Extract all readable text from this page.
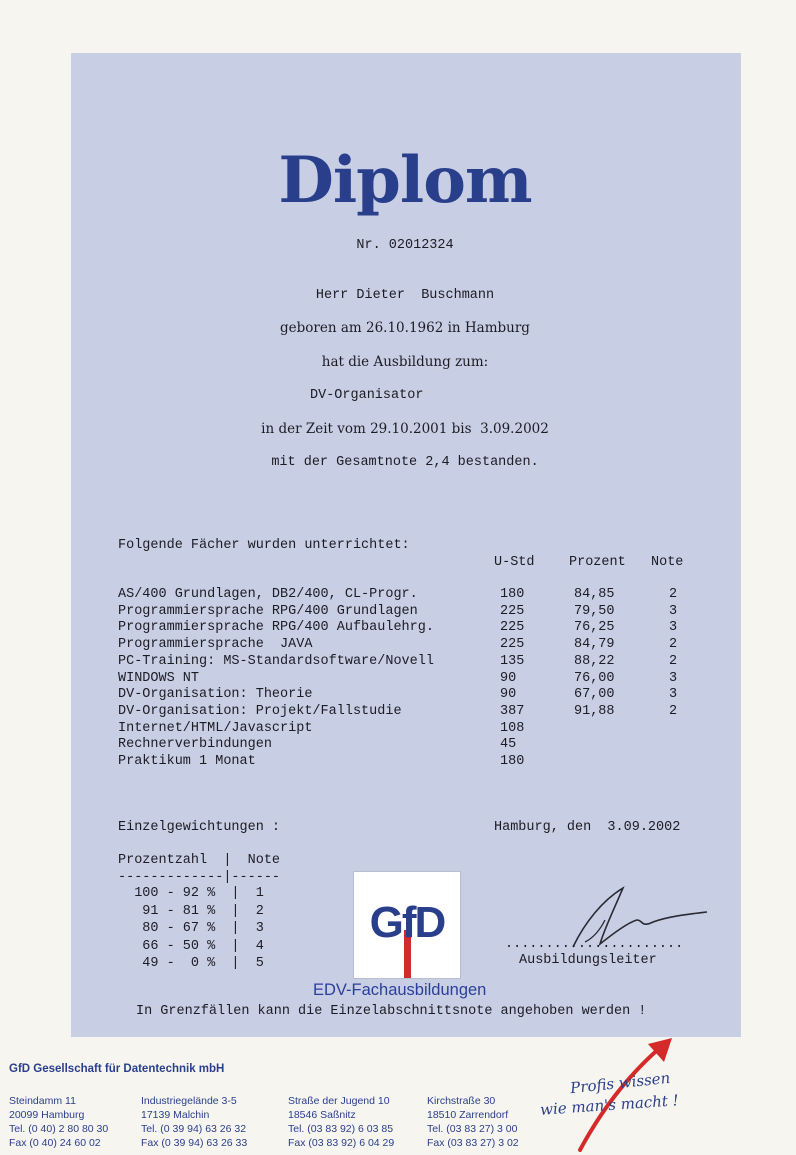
Diplom
Nr. 02012324
Herr Dieter  Buschmann
geboren am 26.10.1962 in Hamburg
hat die Ausbildung zum:
DV-Organisator
in der Zeit vom 29.10.2001 bis  3.09.2002
mit der Gesamtnote 2,4 bestanden.
Folgende Fächer wurden unterrichtet:
U-Std	Prozent Note
AS/400 Grundlagen, DB2/400, CL-Progr.	180	84,85	2
Programmiersprache RPG/400 Grundlagen	225	79,50	3
Programmiersprache RPG/400 Aufbaulehrg.	225	76,25	3
Programmiersprache  JAVA	225	84,79	2
PC-Training: MS-Standardsoftware/Novell	135	88,22	2
WINDOWS NT	90	76,00	3
DV-Organisation: Theorie	90	67,00	3
DV-Organisation: Projekt/Fallstudie	387	91,88	2
Internet/HTML/Javascript	108
Rechnerverbindungen	45
Praktikum 1 Monat	180
Einzelgewichtungen :	Hamburg, den  3.09.2002
Prozentzahl  |  Note
-------------|------
100 - 92 %  |  1
91 - 81 %  |  2
80 - 67 %  |  3
66 - 50 %  |  4
49 -  0 %  |  5
GfD
EDV-Fachausbildungen
......................
Ausbildungsleiter
In Grenzfällen kann die Einzelabschnittsnote angehoben werden !
GfD Gesellschaft für Datentechnik mbH
Steindamm 11
20099 Hamburg
Tel. (0 40) 2 80 80 30
Fax (0 40) 24 60 02
Industriegelände 3-5
17139 Malchin
Tel. (0 39 94) 63 26 32
Fax (0 39 94) 63 26 33
Straße der Jugend 10
18546 Saßnitz
Tel. (03 83 92) 6 03 85
Fax (03 83 92) 6 04 29
Kirchstraße 30
18510 Zarrendorf
Tel. (03 83 27) 3 00
Fax (03 83 27) 3 02
Profis wissen
wie man's macht !
